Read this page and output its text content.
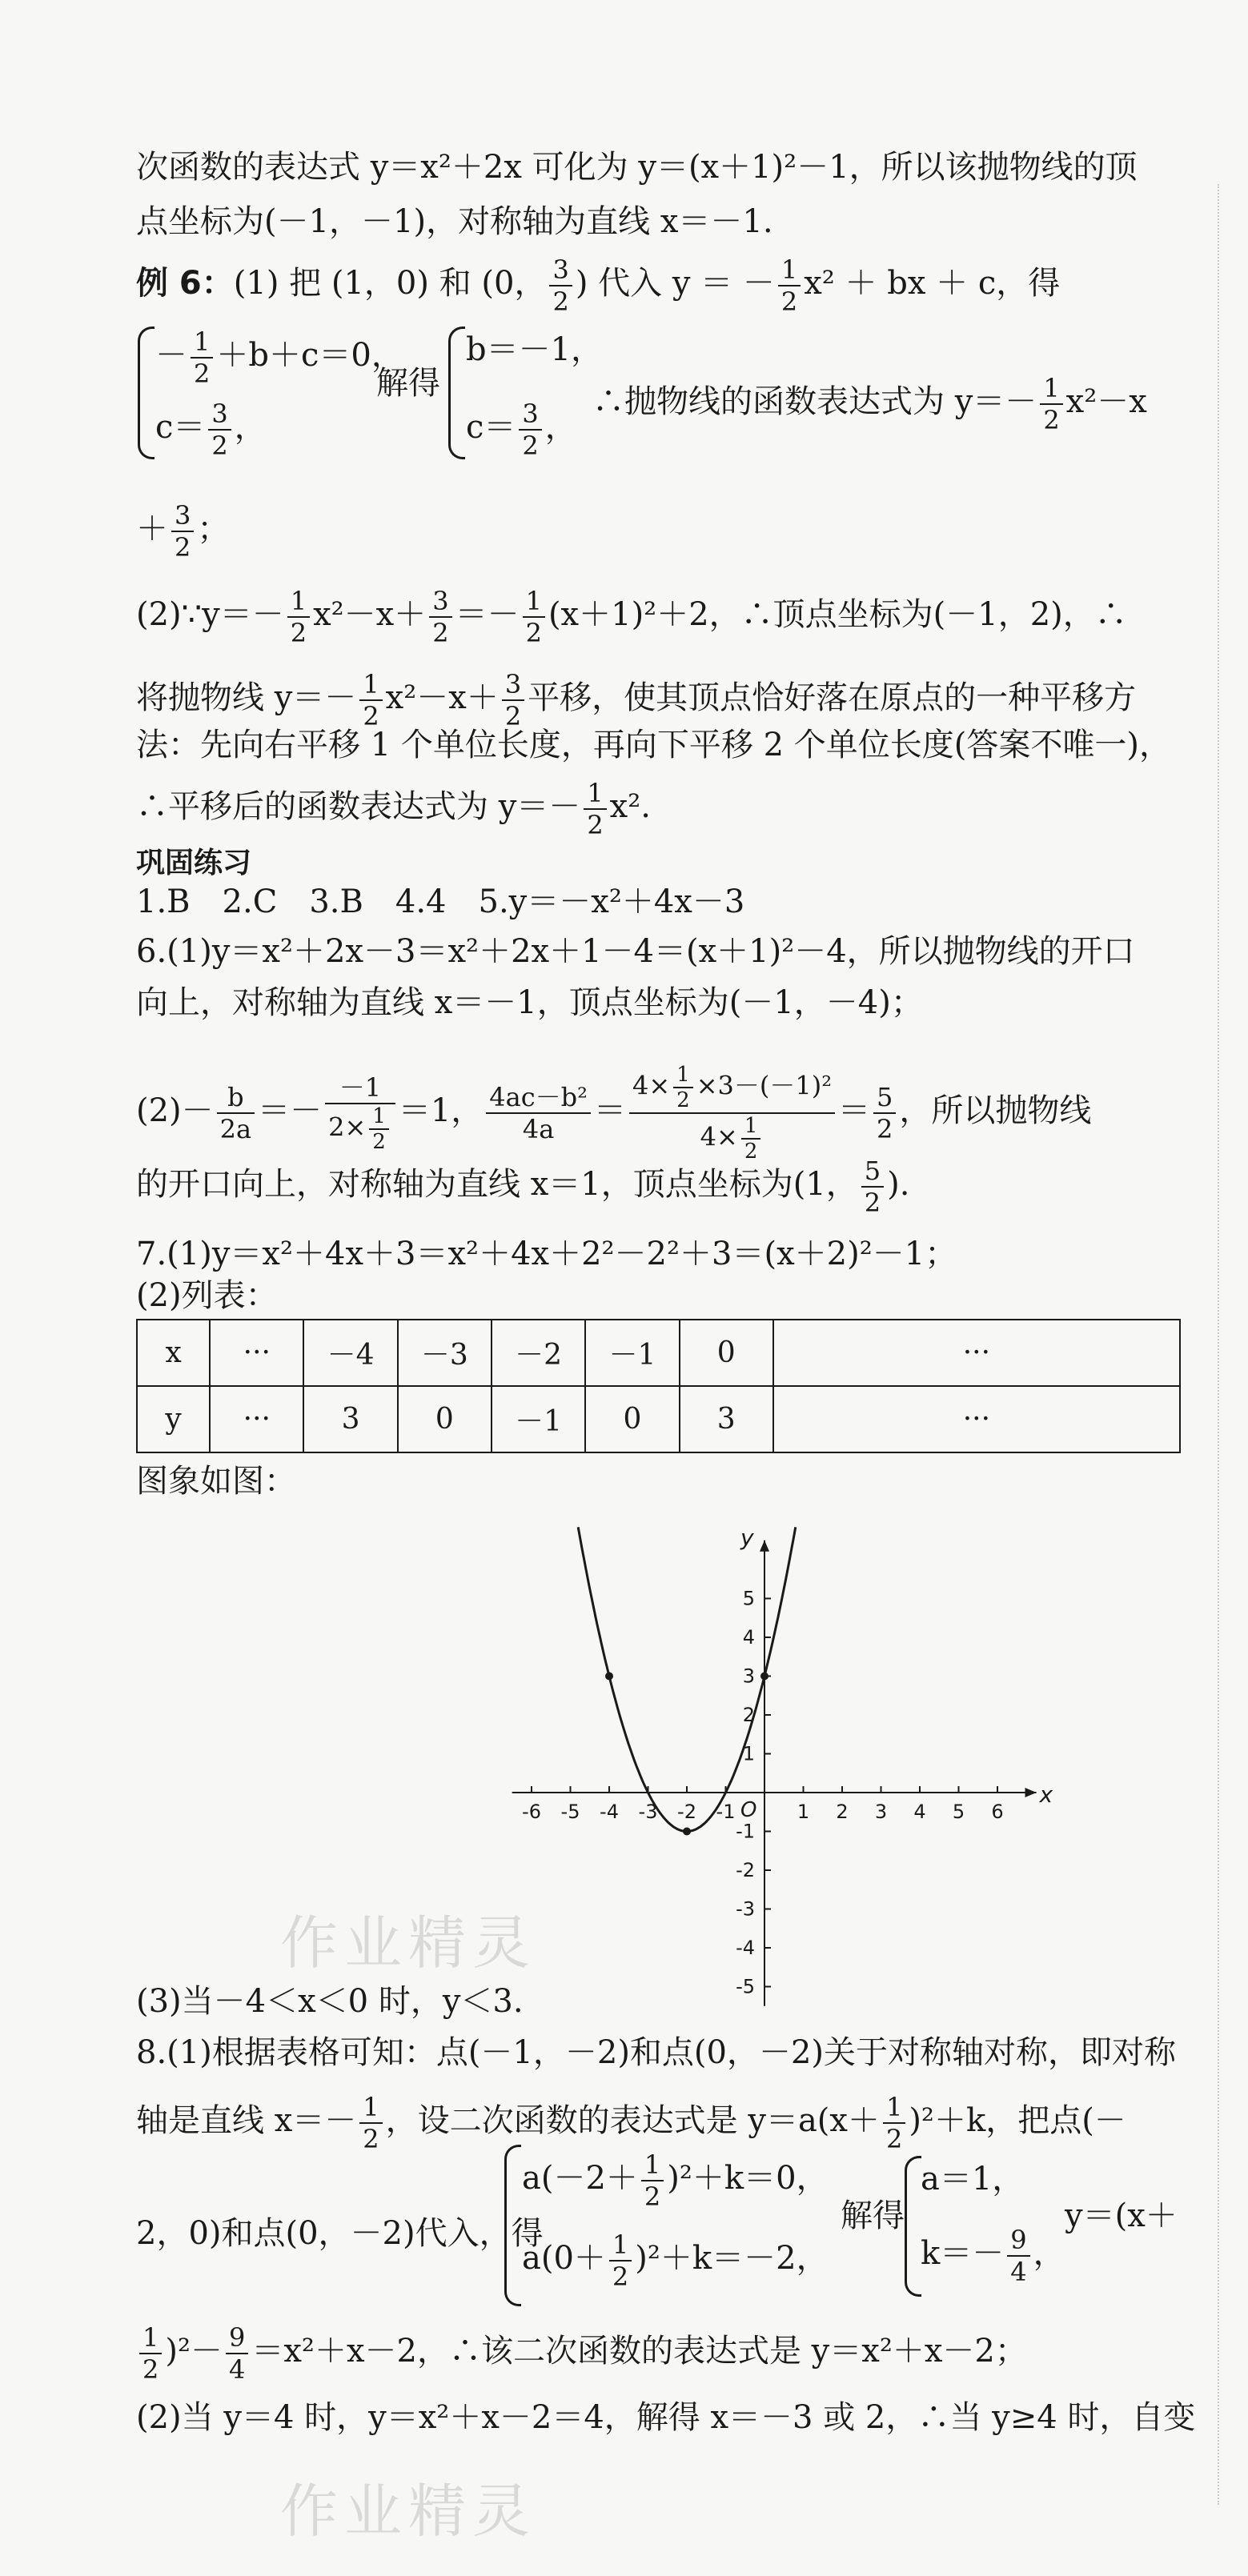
次函数的表达式 y＝x²＋2x 可化为 y＝(x＋1)²－1，所以该抛物线的顶

点坐标为(－1，－1)，对称轴为直线 x＝－1.

例 6：(1) 把 (1，0) 和 (0， $\frac{3}{2}$ ) 代入 y ＝ － $\frac{1}{2} x^2$ ＋ bx ＋ c，得

－ $\frac{1}{2} +b+c=0$，
$c= \frac{3}{2}$ ，
解得
b＝－1，
$c= \frac{3}{2}$ ，
∴抛物线的函数表达式为 $y=- \frac{1}{2} x^2-x$

＋ $\frac{3}{2}$ ；

(2)∵y＝－ $\frac{1}{2} x^2-x+ \frac{3}{2} =- \frac{1}{2} (x+1)^2+2$，∴顶点坐标为(－1，2)，∴

将抛物线 $y=- \frac{1}{2} x^2-x+ \frac{3}{2}$ 平移，使其顶点恰好落在原点的一种平移方

法：先向右平移 1 个单位长度，再向下平移 2 个单位长度(答案不唯一)，

∴平移后的函数表达式为 $y=- \frac{1}{2} x^2$.

巩固练习

1.B　2.C　3.B　4.4　5.y＝－x²＋4x－3

6.(1)y＝x²＋2x－3＝x²＋2x＋1－4＝(x＋1)²－4，所以抛物线的开口

向上，对称轴为直线 x＝－1，顶点坐标为(－1，－4)；

$(2)- \frac{b}{2a} =- \frac{-1}{2\times \frac{1}{2}} =1$， $\frac{\text{4ac－b²}}{4a} = \frac{4\times \frac{1}{2} \times 3-(-1)^2}{4\times \frac{1}{2}} = \frac{5}{2}$ ，所以抛物线

的开口向上，对称轴为直线 x＝1，顶点坐标为(1， $\frac{5}{2}$ ).

7.(1)y＝x²＋4x＋3＝x²＋4x＋2²－2²＋3＝(x＋2)²－1；

(2)列表：

x	···	－4	－3	－2	－1	0	···
y	···	3	0	－1	0	3	···

图象如图：

-6 -5 -4 -3 -2 -1	1 2 3 4 5 6
5
4
3
2
1
-1
-2
-3
-4
-5
x
y
O
作业精灵

(3)当－4＜x＜0 时，y＜3.

8.(1)根据表格可知：点(－1，－2)和点(0，－2)关于对称轴对称，即对称

轴是直线 $x=- \frac{1}{2}$ ，设二次函数的表达式是 $y=a(x+ \frac{1}{2} )^2+k$，把点(－

2，0)和点(0，－2)代入，得
$a(-2+ \frac{1}{2} )^2+k=0$，
$a(0+ \frac{1}{2} )^2+k=-2$，
解得
a＝1，
$k=- \frac{9}{4}$ ，
y＝(x＋

$\frac{1}{2} )^2- \frac{9}{4} =x^2+x-2$，∴该二次函数的表达式是 y＝x²＋x－2；

(2)当 y＝4 时，y＝x²＋x－2＝4，解得 x＝－3 或 2，∴当 y≥4 时，自变

作业精灵
